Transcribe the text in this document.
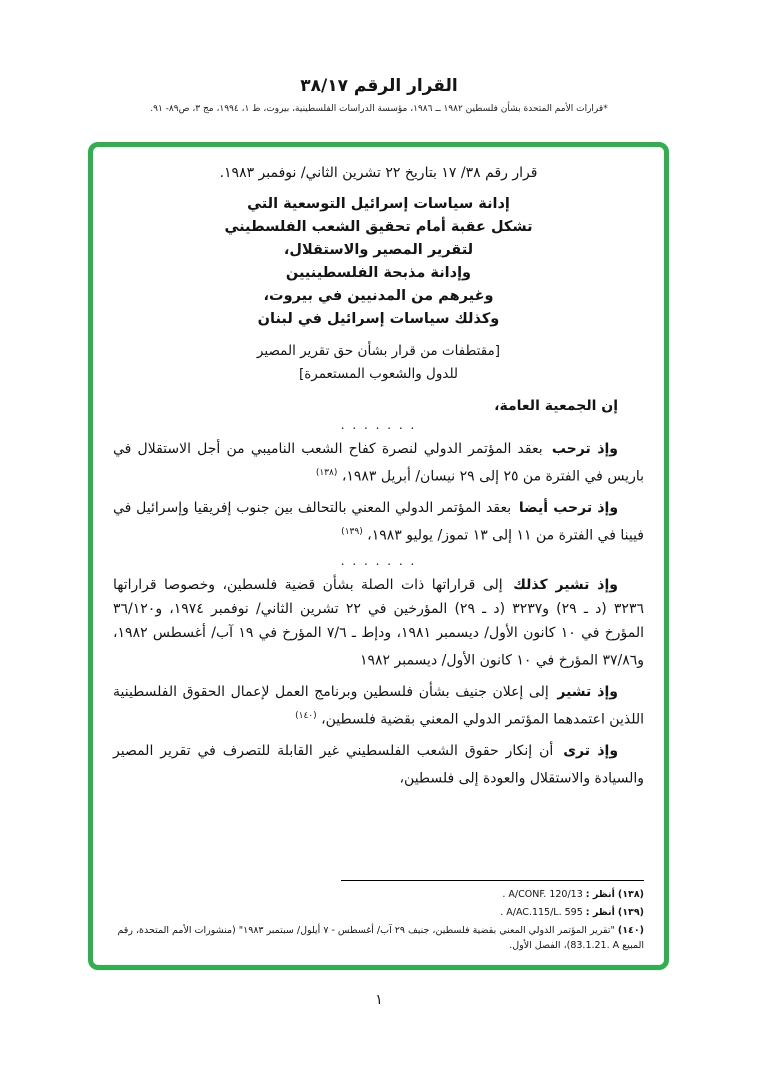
القرار الرقم ٣٨/١٧
*قرارات الأمم المتحدة بشأن فلسطين ١٩٨٢ ــ ١٩٨٦، مؤسسة الدراسات الفلسطينية، بيروت، ط ١، ١٩٩٤، مج ٣، ص٨٩- ٩١.
قرار رقم ٣٨/ ١٧ بتاريخ ٢٢ تشرين الثاني/ نوفمبر ١٩٨٣.
إدانة سياسات إسرائيل التوسعية التي
تشكل عقبة أمام تحقيق الشعب الفلسطيني
لتقرير المصير والاستقلال،
وإدانة مذبحة الفلسطينيين
وغيرهم من المدنيين في بيروت،
وكذلك سياسات إسرائيل في لبنان
[مقتطفات من قرار بشأن حق تقرير المصير
للدول والشعوب المستعمرة]
إن الجمعية العامة،
. . . . . . .

وإذ ترحب بعقد المؤتمر الدولي لنصرة كفاح الشعب الناميبي من أجل الاستقلال في باريس في الفترة من ٢٥ إلى ٢٩ نيسان/ أبريل ١٩٨٣، $^{(١٣٨)}$

وإذ ترحب أيضا بعقد المؤتمر الدولي المعني بالتحالف بين جنوب إفريقيا وإسرائيل في فيينا في الفترة من ١١ إلى ١٣ تموز/ يوليو ١٩٨٣، $^{(١٣٩)}$

. . . . . . .

وإذ تشير كذلك إلى قراراتها ذات الصلة بشأن قضية فلسطين، وخصوصا قراراتها ٣٢٣٦ (د ـ ٢٩) و٣٢٣٧ (د ـ ٢٩) المؤرخين في ٢٢ تشرين الثاني/ نوفمبر ١٩٧٤، و٣٦/١٢٠ المؤرخ في ١٠ كانون الأول/ ديسمبر ١٩٨١، ودإط ـ ٧/٦ المؤرخ في ١٩ آب/ أغسطس ١٩٨٢، و٣٧/٨٦ المؤرخ في ١٠ كانون الأول/ ديسمبر ١٩٨٢

وإذ تشير إلى إعلان جنيف بشأن فلسطين وبرنامج العمل لإعمال الحقوق الفلسطينية اللذين اعتمدهما المؤتمر الدولي المعني بقضية فلسطين، $^{(١٤٠)}$

وإذ ترى أن إنكار حقوق الشعب الفلسطيني غير القابلة للتصرف في تقرير المصير والسيادة والاستقلال والعودة إلى فلسطين،

(١٣٨) أنظر : A/CONF. 120/13 .
(١٣٩) أنظر : A/AC.115/L. 595 .
(١٤٠) "تقرير المؤتمر الدولي المعني بقضية فلسطين، جنيف ٢٩ آب/ أغسطس - ٧ أيلول/ سبتمبر ١٩٨٣" (منشورات الأمم المتحدة، رقم المبيع A‏ .83.1.21)، الفصل الأول.
١
